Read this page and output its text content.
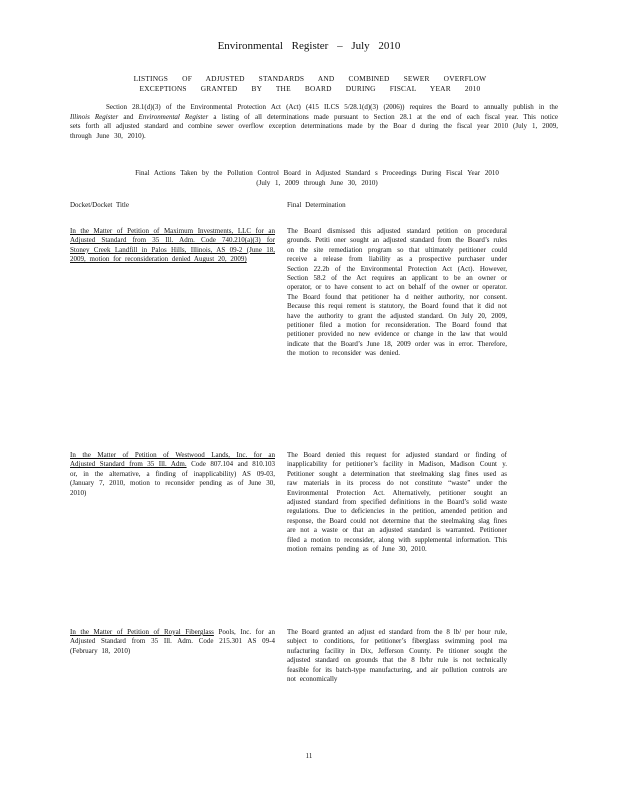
Environmental Register – July 2010
LISTINGS OF ADJUSTED STANDARDS AND COMBINED SEWER OVERFLOW
EXCEPTIONS GRANTED BY THE BOARD DURING FISCAL YEAR 2010
Section 28.1(d)(3) of the Environmental Protection Act (Act) (415 ILCS 5/28.1(d)(3) (2006)) requires the Board to annually publish in the Illinois Register and Environmental Register a listing of all determinations made pursuant to Section 28.1 at the end of each fiscal year. This notice sets forth all adjusted standard and combine sewer overflow exception determinations made by the Boar d during the fiscal year 2010 (July 1, 2009, through June 30, 2010).
Final Actions Taken by the Pollution Control Board in Adjusted Standard s Proceedings During Fiscal Year 2010
(July 1, 2009 through June 30, 2010)
Docket/Docket Title	Final Determination
In the Matter of Petition of Maximum Investments, LLC for an Adjusted Standard from 35 Ill. Adm. Code 740.210(a)(3) for Stoney Creek Landfill in Palos Hills, Illinois, AS 09-2 (June 18, 2009, motion for reconsideration denied August 20, 2009)
The Board dismissed this adjusted standard petition on procedural grounds. Petiti oner sought an adjusted standard from the Board’s rules on the site remediation program so that ultimately petitioner could receive a release from liability as a prospective purchaser under Section 22.2b of the Environmental Protection Act (Act). However, Section 58.2 of the Act requires an applicant to be an owner or operator, or to have consent to act on behalf of the owner or operator. The Board found that petitioner ha d neither authority, nor consent. Because this requi rement is statutory, the Board found that it did not have the authority to grant the adjusted standard. On July 20, 2009, petitioner filed a motion for reconsideration. The Board found that petitioner provided no new evidence or change in the law that would indicate that the Board’s June 18, 2009 order was in error. Therefore, the motion to reconsider was denied.
In the Matter of Petition of Westwood Lands, Inc. for an Adjusted Standard from 35 Ill. Adm. Code 807.104 and 810.103 or, in the alternative, a finding of inapplicability) AS 09-03, (January 7, 2010, motion to reconsider pending as of June 30, 2010)
The Board denied this request for adjusted standard or finding of inapplicability for petitioner’s facility in Madison, Madison Count y. Petitioner sought a determination that steelmaking slag fines used as raw materials in its process do not constitute “waste” under the Environmental Protection Act. Alternatively, petitioner sought an adjusted standard from specified definitions in the Board’s solid waste regulations. Due to deficiencies in the petition, amended petition and response, the Board could not determine that the steelmaking slag fines are not a waste or that an adjusted standard is warranted. Petitioner filed a motion to reconsider, along with supplemental information. This motion remains pending as of June 30, 2010.
In the Matter of Petition of Royal Fiberglass Pools, Inc. for an Adjusted Standard from 35 Ill. Adm. Code 215.301 AS 09-4 (February 18, 2010)
The Board granted an adjust ed standard from the 8 lb/ per hour rule, subject to conditions, for petitioner’s fiberglass swimming pool ma nufacturing facility in Dix, Jefferson County. Pe titioner sought the adjusted standard on grounds that the 8 lb/hr rule is not technically feasible for its batch-type manufacturing, and air pollution controls are not economically
11
